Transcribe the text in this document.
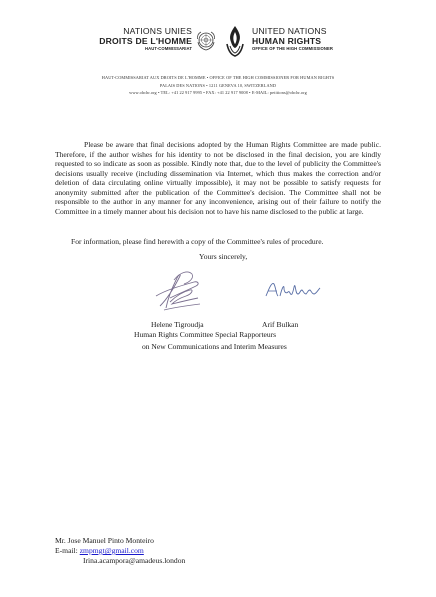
NATIONS UNIES
DROITS DE L'HOMME
HAUT-COMMISSARIAT
UNITED NATIONS
HUMAN RIGHTS
OFFICE OF THE HIGH COMMISSIONER
HAUT-COMMISSARIAT AUX DROITS DE L'HOMME • OFFICE OF THE HIGH COMMISSIONER FOR HUMAN RIGHTS
PALAIS DES NATIONS • 1211 GENEVA 10, SWITZERLAND
www.ohchr.org • TEL: +41 22 917 9995 • FAX: +41 22 917 9008 • E-MAIL: petitions@ohchr.org
Please be aware that final decisions adopted by the Human Rights Committee are made public. Therefore, if the author wishes for his identity to not be disclosed in the final decision, you are kindly requested to so indicate as soon as possible. Kindly note that, due to the level of publicity the Committee's decisions usually receive (including dissemination via Internet, which thus makes the correction and/or deletion of data circulating online virtually impossible), it may not be possible to satisfy requests for anonymity submitted after the publication of the Committee's decision. The Committee shall not be responsible to the author in any manner for any inconvenience, arising out of their failure to notify the Committee in a timely manner about his decision not to have his name disclosed to the public at large.
For information, please find herewith a copy of the Committee's rules of procedure.
Yours sincerely,
Helene Tigroudja	Arif Bulkan
Human Rights Committee Special Rapporteurs
on New Communications and Interim Measures
Mr. Jose Manuel Pinto Monteiro
E-mail: zmpmgt@gmail.com
Irina.acampora@amadeus.london
